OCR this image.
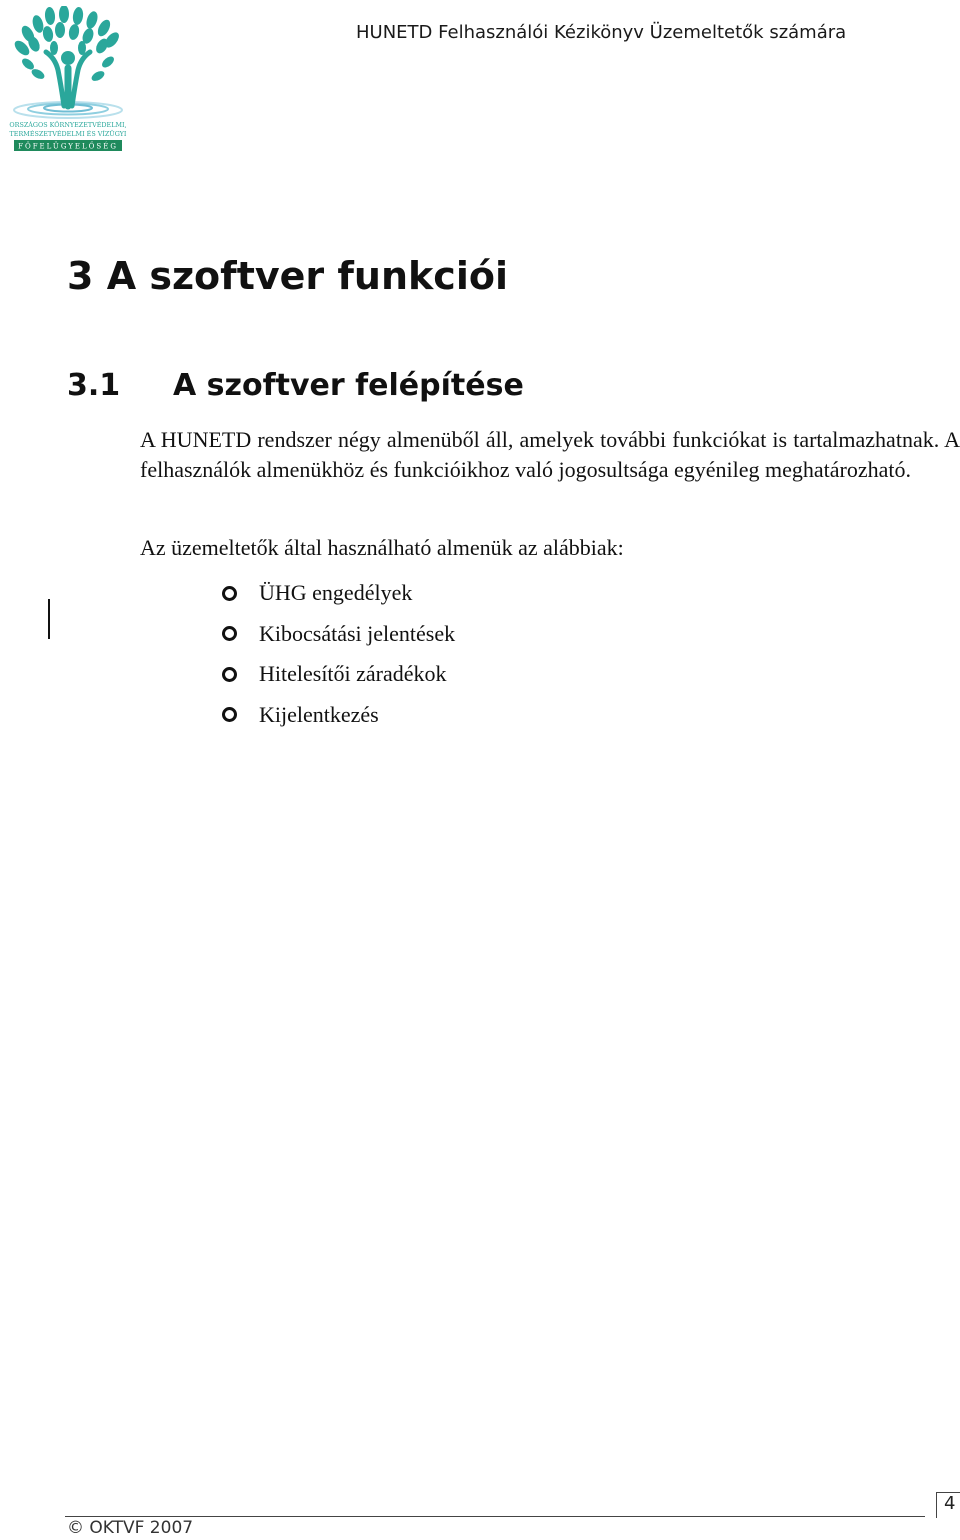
ORSZÁGOS KÖRNYEZETVÉDELMI,
TERMÉSZETVÉDELMI ÉS VÍZÜGYI
FŐFELÜGYELŐSÉG
HUNETD Felhasználói Kézikönyv Üzemeltetők számára
3 A szoftver funkciói
3.1 A szoftver felépítése

A HUNETD rendszer négy almenüből áll, amelyek további funkciókat is tartalmazhatnak. A felhasználók almenükhöz és funkcióikhoz való jogosultsága egyénileg meghatározható.

Az üzemeltetők által használható almenük az alábbiak:

ÜHG engedélyek
Kibocsátási jelentések
Hitelesítői záradékok
Kijelentkezés
© OKTVF 2007
4
